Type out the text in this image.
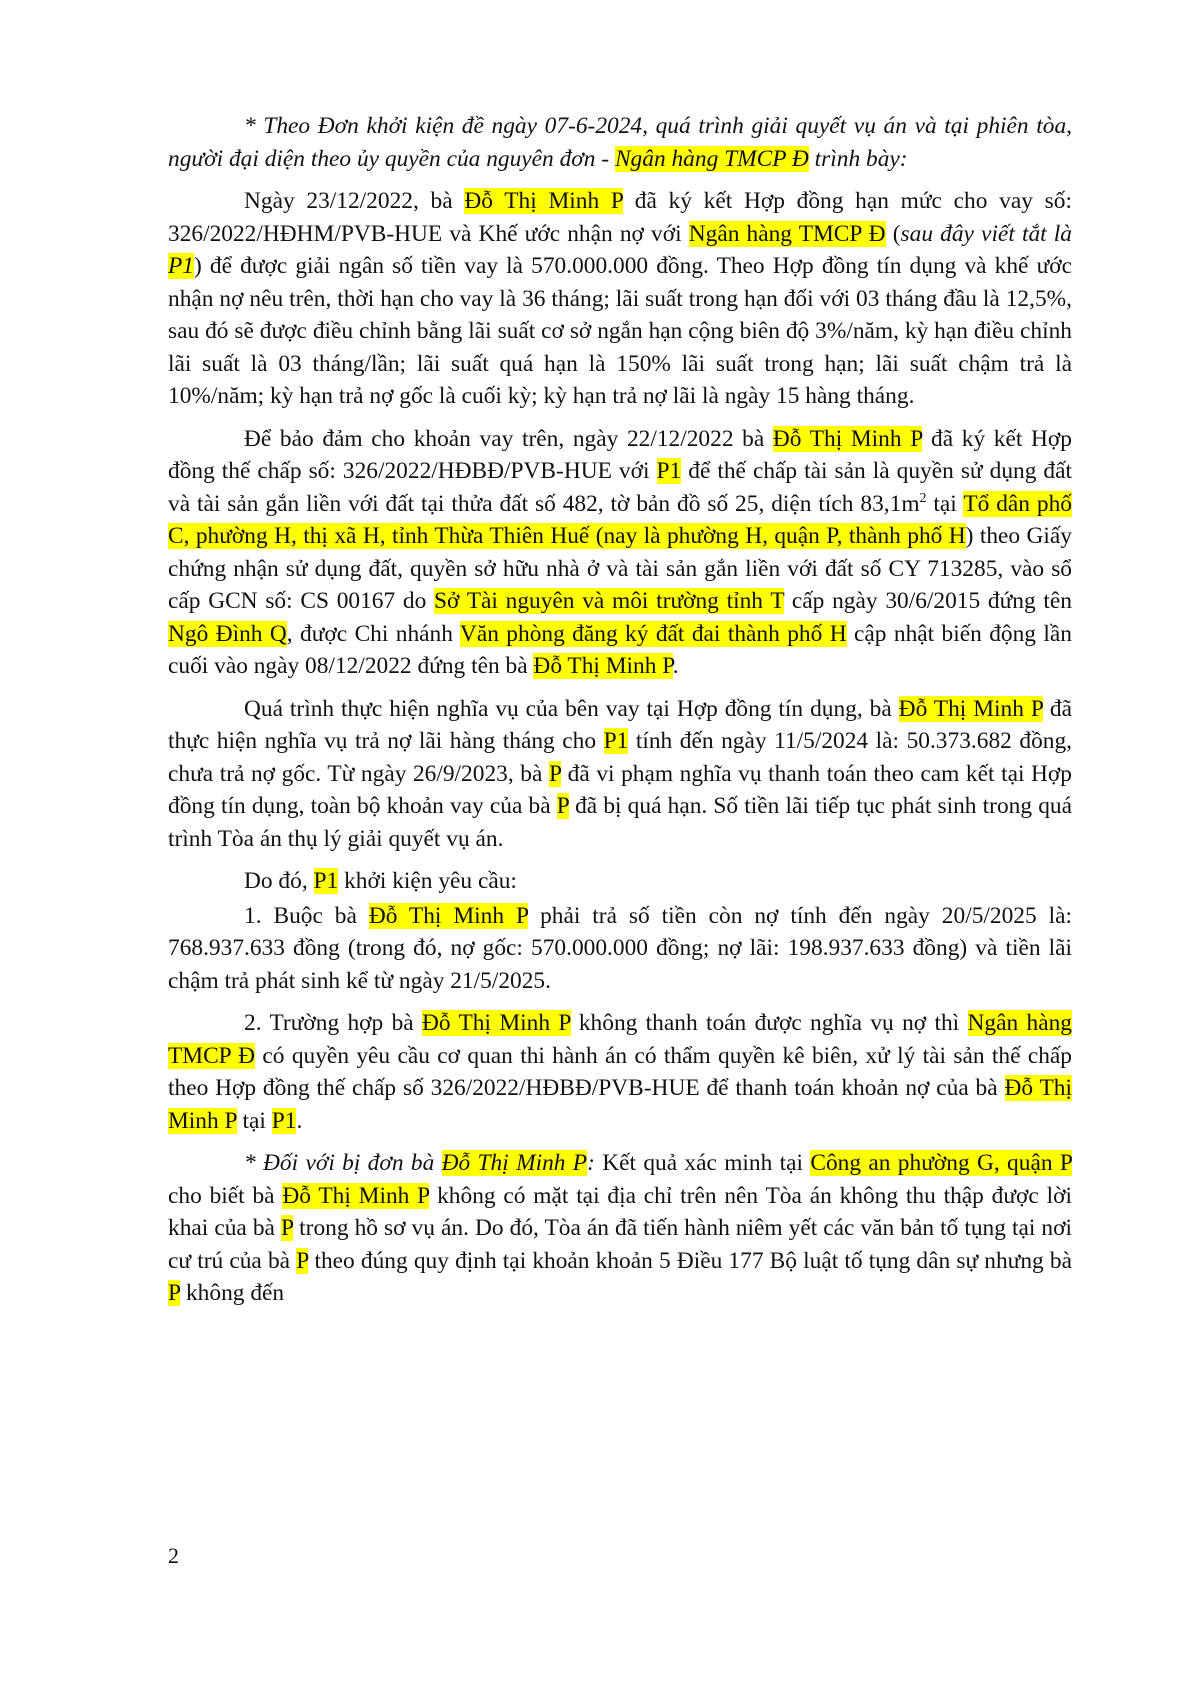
* Theo Đơn khởi kiện đề ngày 07-6-2024, quá trình giải quyết vụ án và tại phiên tòa, người đại diện theo ủy quyền của nguyên đơn - Ngân hàng TMCP Đ trình bày:

Ngày 23/12/2022, bà Đỗ Thị Minh P đã ký kết Hợp đồng hạn mức cho vay số: 326/2022/HĐHM/PVB-HUE và Khế ước nhận nợ với Ngân hàng TMCP Đ (sau đây viết tắt là P1) để được giải ngân số tiền vay là 570.000.000 đồng. Theo Hợp đồng tín dụng và khế ước nhận nợ nêu trên, thời hạn cho vay là 36 tháng; lãi suất trong hạn đối với 03 tháng đầu là 12,5%, sau đó sẽ được điều chỉnh bằng lãi suất cơ sở ngắn hạn cộng biên độ 3%/năm, kỳ hạn điều chỉnh lãi suất là 03 tháng/lần; lãi suất quá hạn là 150% lãi suất trong hạn; lãi suất chậm trả là 10%/năm; kỳ hạn trả nợ gốc là cuối kỳ; kỳ hạn trả nợ lãi là ngày 15 hàng tháng.

Để bảo đảm cho khoản vay trên, ngày 22/12/2022 bà Đỗ Thị Minh P đã ký kết Hợp đồng thế chấp số: 326/2022/HĐBĐ/PVB-HUE với P1 để thế chấp tài sản là quyền sử dụng đất và tài sản gắn liền với đất tại thửa đất số 482, tờ bản đồ số 25, diện tích $83,1m^2$ tại Tổ dân phố C, phường H, thị xã H, tỉnh Thừa Thiên Huế (nay là phường H, quận P, thành phố H) theo Giấy chứng nhận sử dụng đất, quyền sở hữu nhà ở và tài sản gắn liền với đất số CY 713285, vào sổ cấp GCN số: CS 00167 do Sở Tài nguyên và môi trường tỉnh T cấp ngày 30/6/2015 đứng tên Ngô Đình Q, được Chi nhánh Văn phòng đăng ký đất đai thành phố H cập nhật biến động lần cuối vào ngày 08/12/2022 đứng tên bà Đỗ Thị Minh P.

Quá trình thực hiện nghĩa vụ của bên vay tại Hợp đồng tín dụng, bà Đỗ Thị Minh P đã thực hiện nghĩa vụ trả nợ lãi hàng tháng cho P1 tính đến ngày 11/5/2024 là: 50.373.682 đồng, chưa trả nợ gốc. Từ ngày 26/9/2023, bà P đã vi phạm nghĩa vụ thanh toán theo cam kết tại Hợp đồng tín dụng, toàn bộ khoản vay của bà P đã bị quá hạn. Số tiền lãi tiếp tục phát sinh trong quá trình Tòa án thụ lý giải quyết vụ án.

Do đó, P1 khởi kiện yêu cầu:

1. Buộc bà Đỗ Thị Minh P phải trả số tiền còn nợ tính đến ngày 20/5/2025 là: 768.937.633 đồng (trong đó, nợ gốc: 570.000.000 đồng; nợ lãi: 198.937.633 đồng) và tiền lãi chậm trả phát sinh kể từ ngày 21/5/2025.

2. Trường hợp bà Đỗ Thị Minh P không thanh toán được nghĩa vụ nợ thì Ngân hàng TMCP Đ có quyền yêu cầu cơ quan thi hành án có thẩm quyền kê biên, xử lý tài sản thế chấp theo Hợp đồng thế chấp số 326/2022/HĐBĐ/PVB-HUE để thanh toán khoản nợ của bà Đỗ Thị Minh P tại P1.

* Đối với bị đơn bà Đỗ Thị Minh P: Kết quả xác minh tại Công an phường G, quận P cho biết bà Đỗ Thị Minh P không có mặt tại địa chỉ trên nên Tòa án không thu thập được lời khai của bà P trong hồ sơ vụ án. Do đó, Tòa án đã tiến hành niêm yết các văn bản tố tụng tại nơi cư trú của bà P theo đúng quy định tại khoản khoản 5 Điều 177 Bộ luật tố tụng dân sự nhưng bà P không đến

2
